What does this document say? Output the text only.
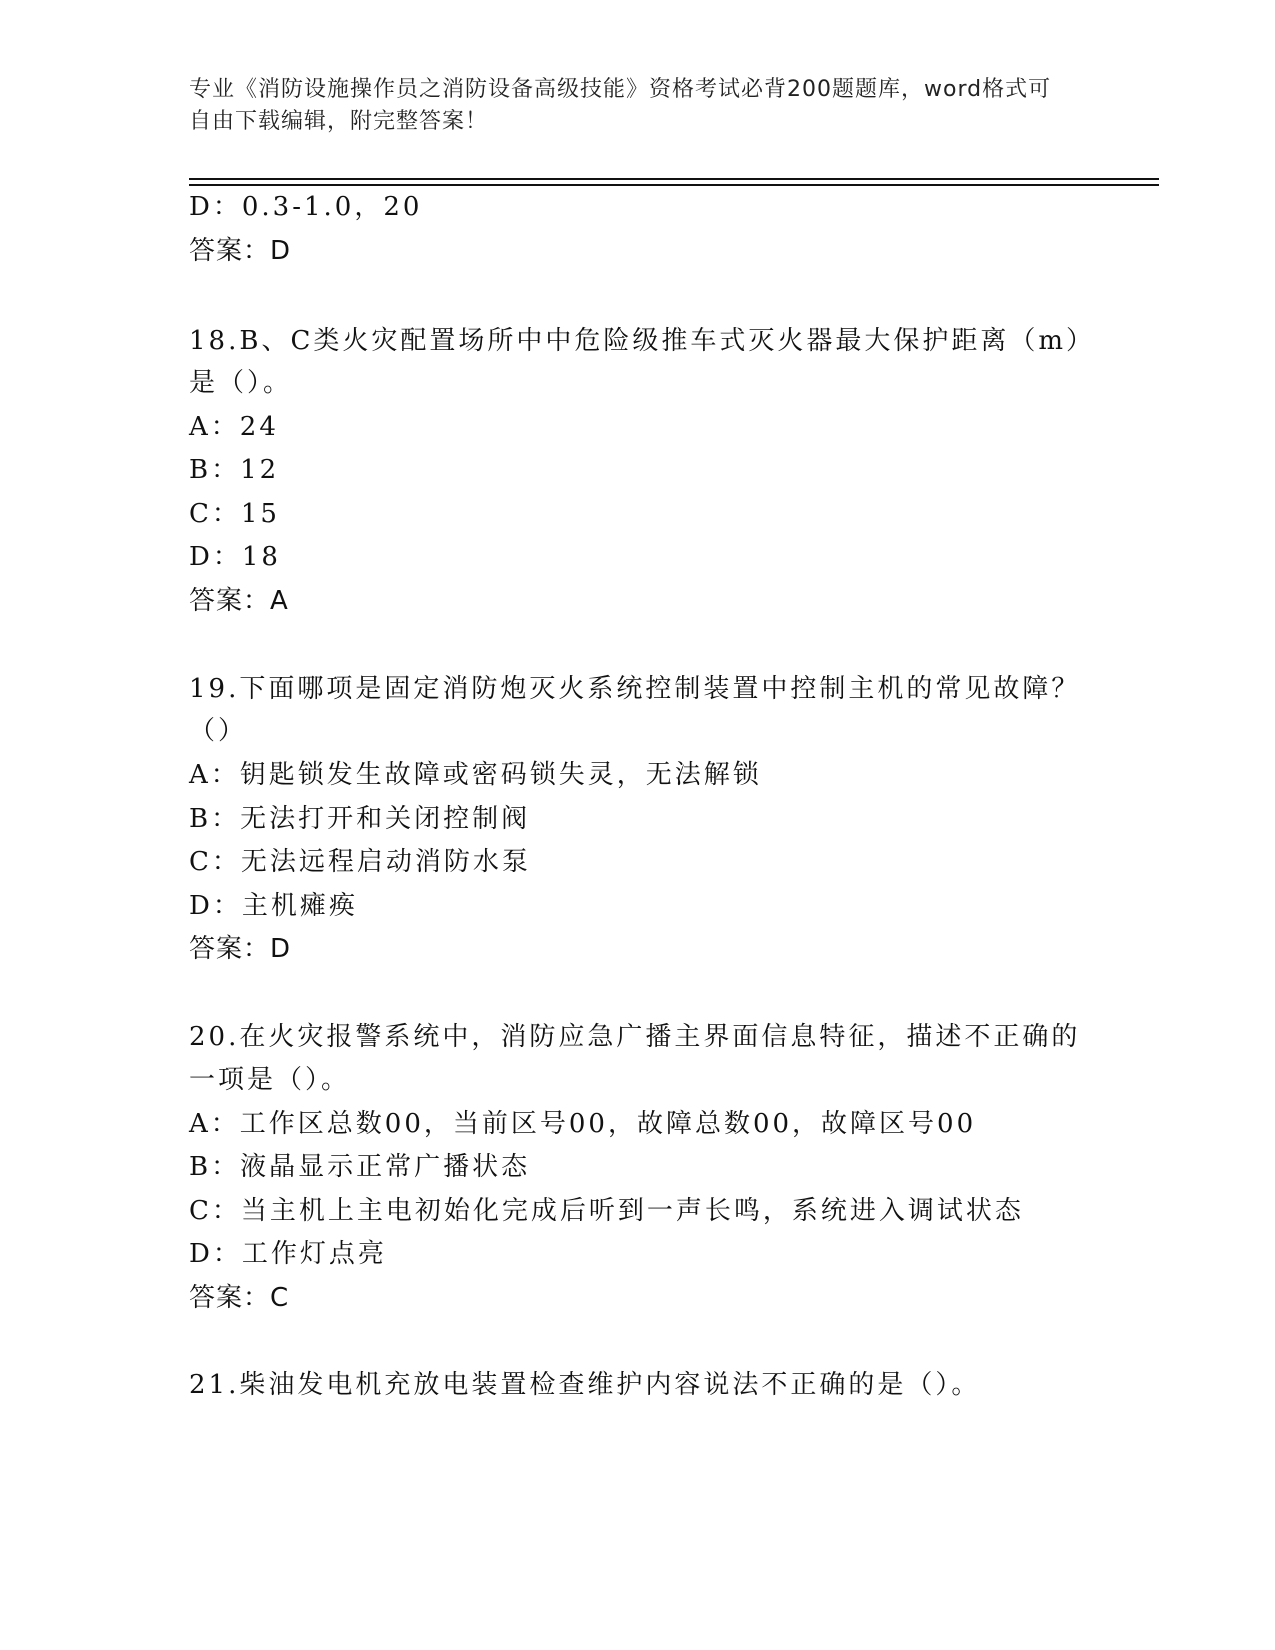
专业《消防设施操作员之消防设备高级技能》资格考试必背200题题库，word格式可自由下载编辑，附完整答案！
D：0.3-1.0，20
答案：D
18.B、C类火灾配置场所中中危险级推车式灭火器最大保护距离（m）
是（）。
A：24
B：12
C：15
D：18
答案：A
19.下面哪项是固定消防炮灭火系统控制装置中控制主机的常见故障？
（）
A：钥匙锁发生故障或密码锁失灵，无法解锁
B：无法打开和关闭控制阀
C：无法远程启动消防水泵
D：主机瘫痪
答案：D
20.在火灾报警系统中，消防应急广播主界面信息特征，描述不正确的
一项是（）。
A：工作区总数00，当前区号00，故障总数00，故障区号00
B：液晶显示正常广播状态
C：当主机上主电初始化完成后听到一声长鸣，系统进入调试状态
D：工作灯点亮
答案：C
21.柴油发电机充放电装置检查维护内容说法不正确的是（）。
